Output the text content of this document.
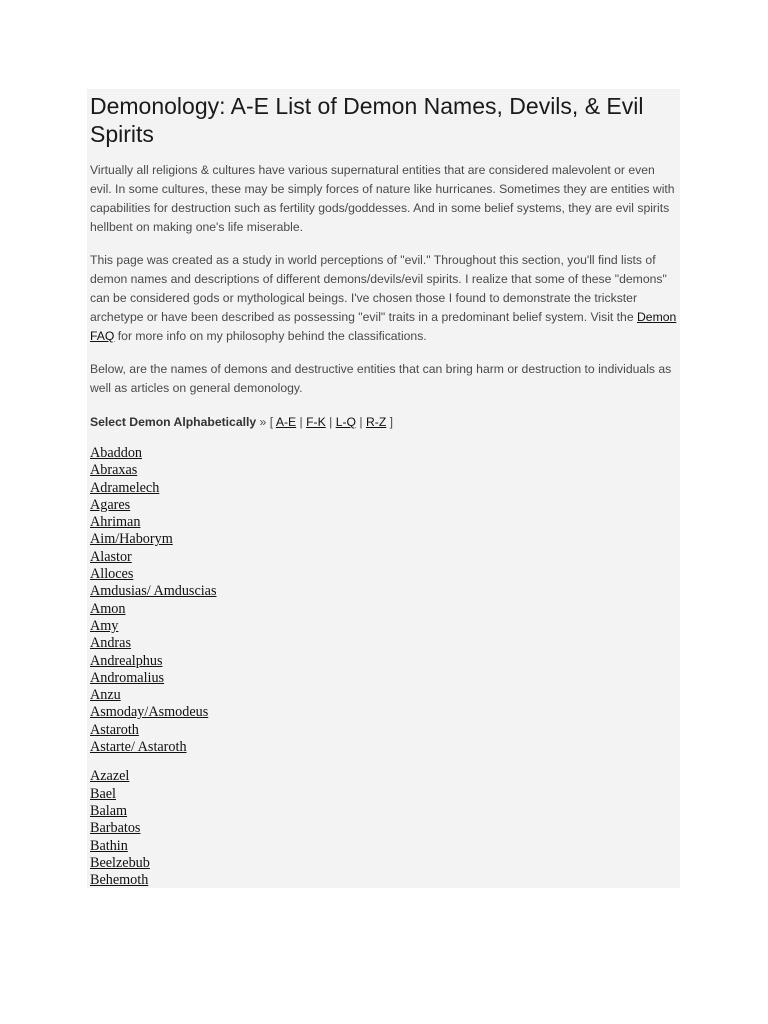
Demonology: A-E List of Demon Names, Devils, & Evil Spirits

Virtually all religions & cultures have various supernatural entities that are considered malevolent or even evil. In some cultures, these may be simply forces of nature like hurricanes. Sometimes they are entities with capabilities for destruction such as fertility gods/goddesses. And in some belief systems, they are evil spirits hellbent on making one's life miserable.

This page was created as a study in world perceptions of "evil." Throughout this section, you'll find lists of demon names and descriptions of different demons/devils/evil spirits. I realize that some of these "demons" can be considered gods or mythological beings. I've chosen those I found to demonstrate the trickster archetype or have been described as possessing "evil" traits in a predominant belief system. Visit the Demon FAQ for more info on my philosophy behind the classifications.

Below, are the names of demons and destructive entities that can bring harm or destruction to individuals as well as articles on general demonology.

Select Demon Alphabetically » [ A-E | F-K | L-Q | R-Z ]
Abaddon
Abraxas
Adramelech
Agares
Ahriman
Aim/Haborym
Alastor
Alloces
Amdusias/ Amduscias
Amon
Amy
Andras
Andrealphus
Andromalius
Anzu
Asmoday/Asmodeus
Astaroth
Astarte/ Astaroth
Azazel
Bael
Balam
Barbatos
Bathin
Beelzebub
Behemoth
